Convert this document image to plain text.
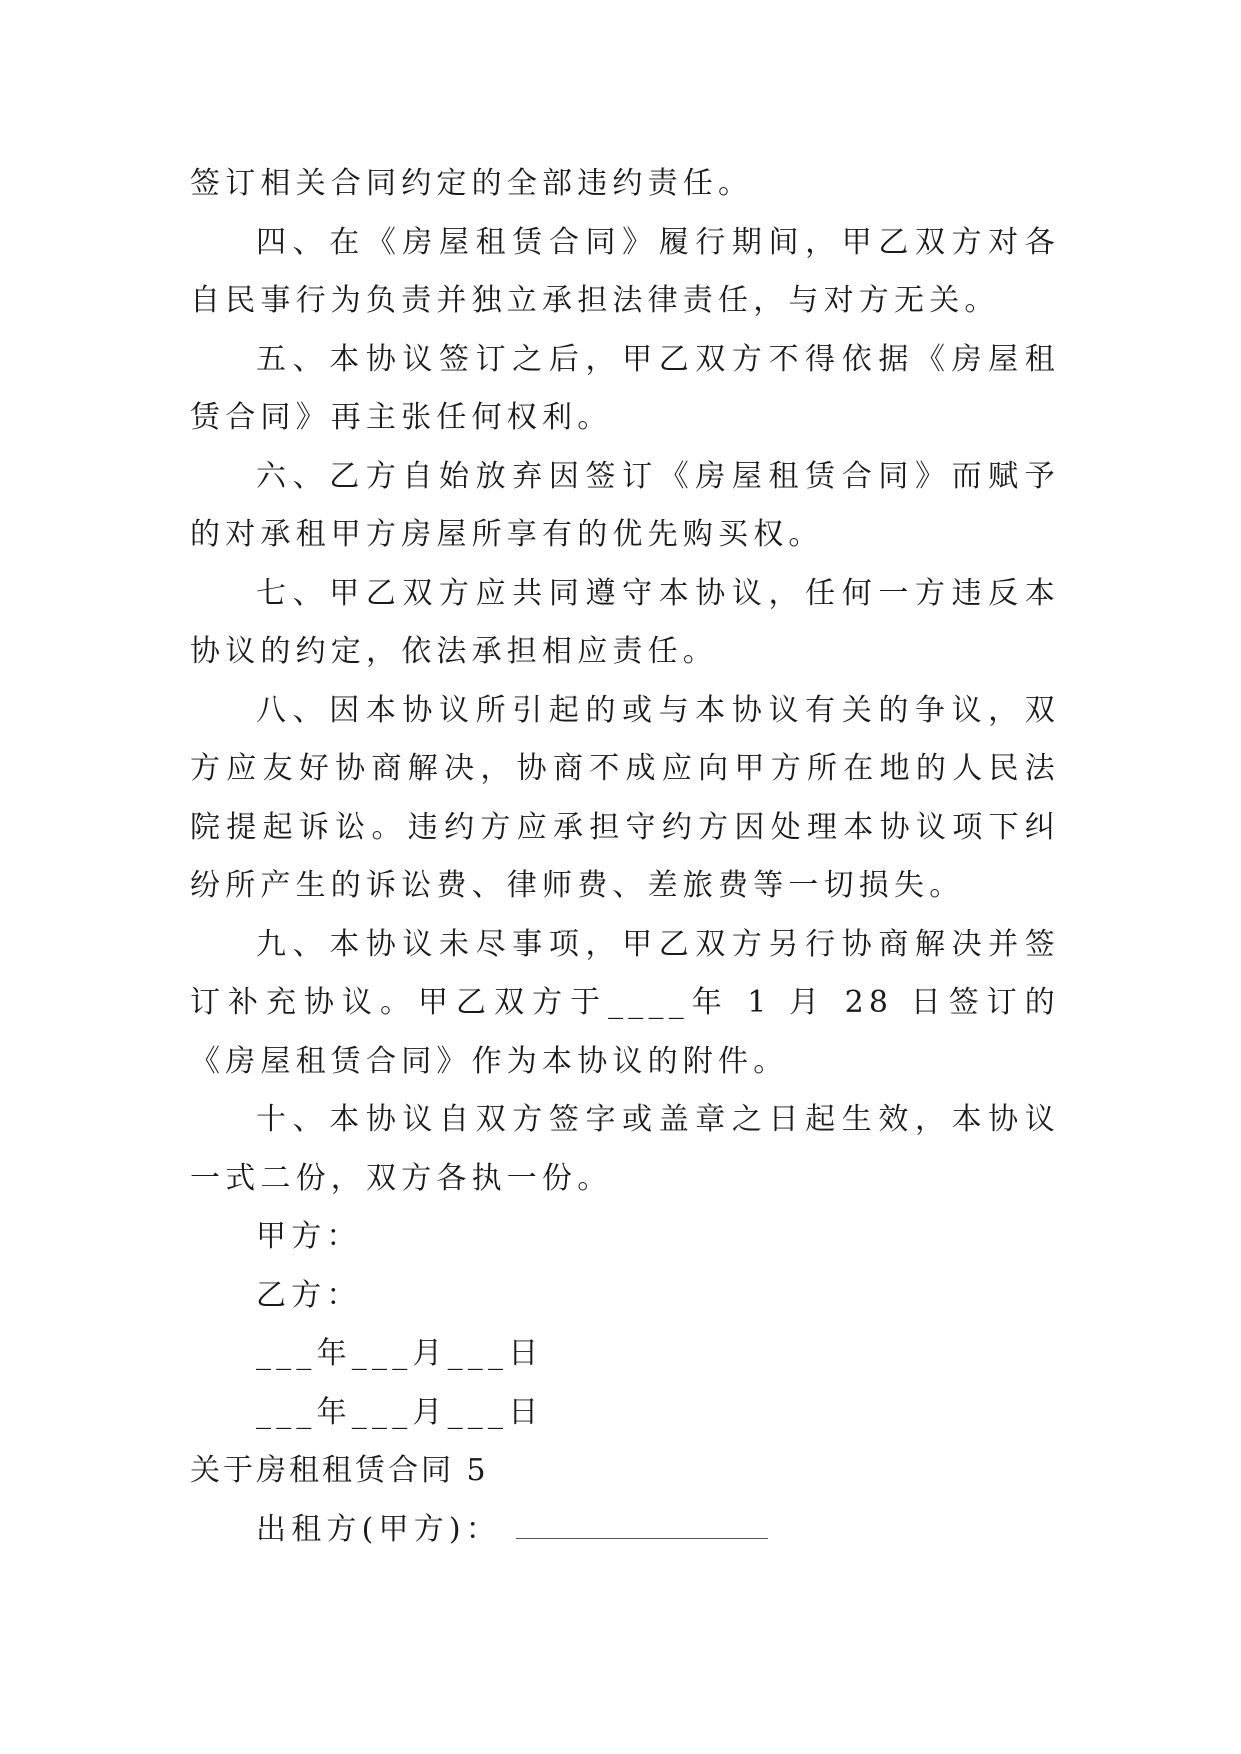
签订相关合同约定的全部违约责任。

四、在《房屋租赁合同》履行期间，甲乙双方对各自民事行为负责并独立承担法律责任，与对方无关。

五、本协议签订之后，甲乙双方不得依据《房屋租赁合同》再主张任何权利。

六、乙方自始放弃因签订《房屋租赁合同》而赋予的对承租甲方房屋所享有的优先购买权。

七、甲乙双方应共同遵守本协议，任何一方违反本协议的约定，依法承担相应责任。

八、因本协议所引起的或与本协议有关的争议，双方应友好协商解决，协商不成应向甲方所在地的人民法院提起诉讼。违约方应承担守约方因处理本协议项下纠纷所产生的诉讼费、律师费、差旅费等一切损失。

九、本协议未尽事项，甲乙双方另行协商解决并签订补充协议。甲乙双方于____年 1 月 28 日签订的《房屋租赁合同》作为本协议的附件。

十、本协议自双方签字或盖章之日起生效，本协议一式二份，双方各执一份。

甲方：

乙方：

___年___月___日

___年___月___日

关于房租租赁合同 5

出租方(甲方)：
